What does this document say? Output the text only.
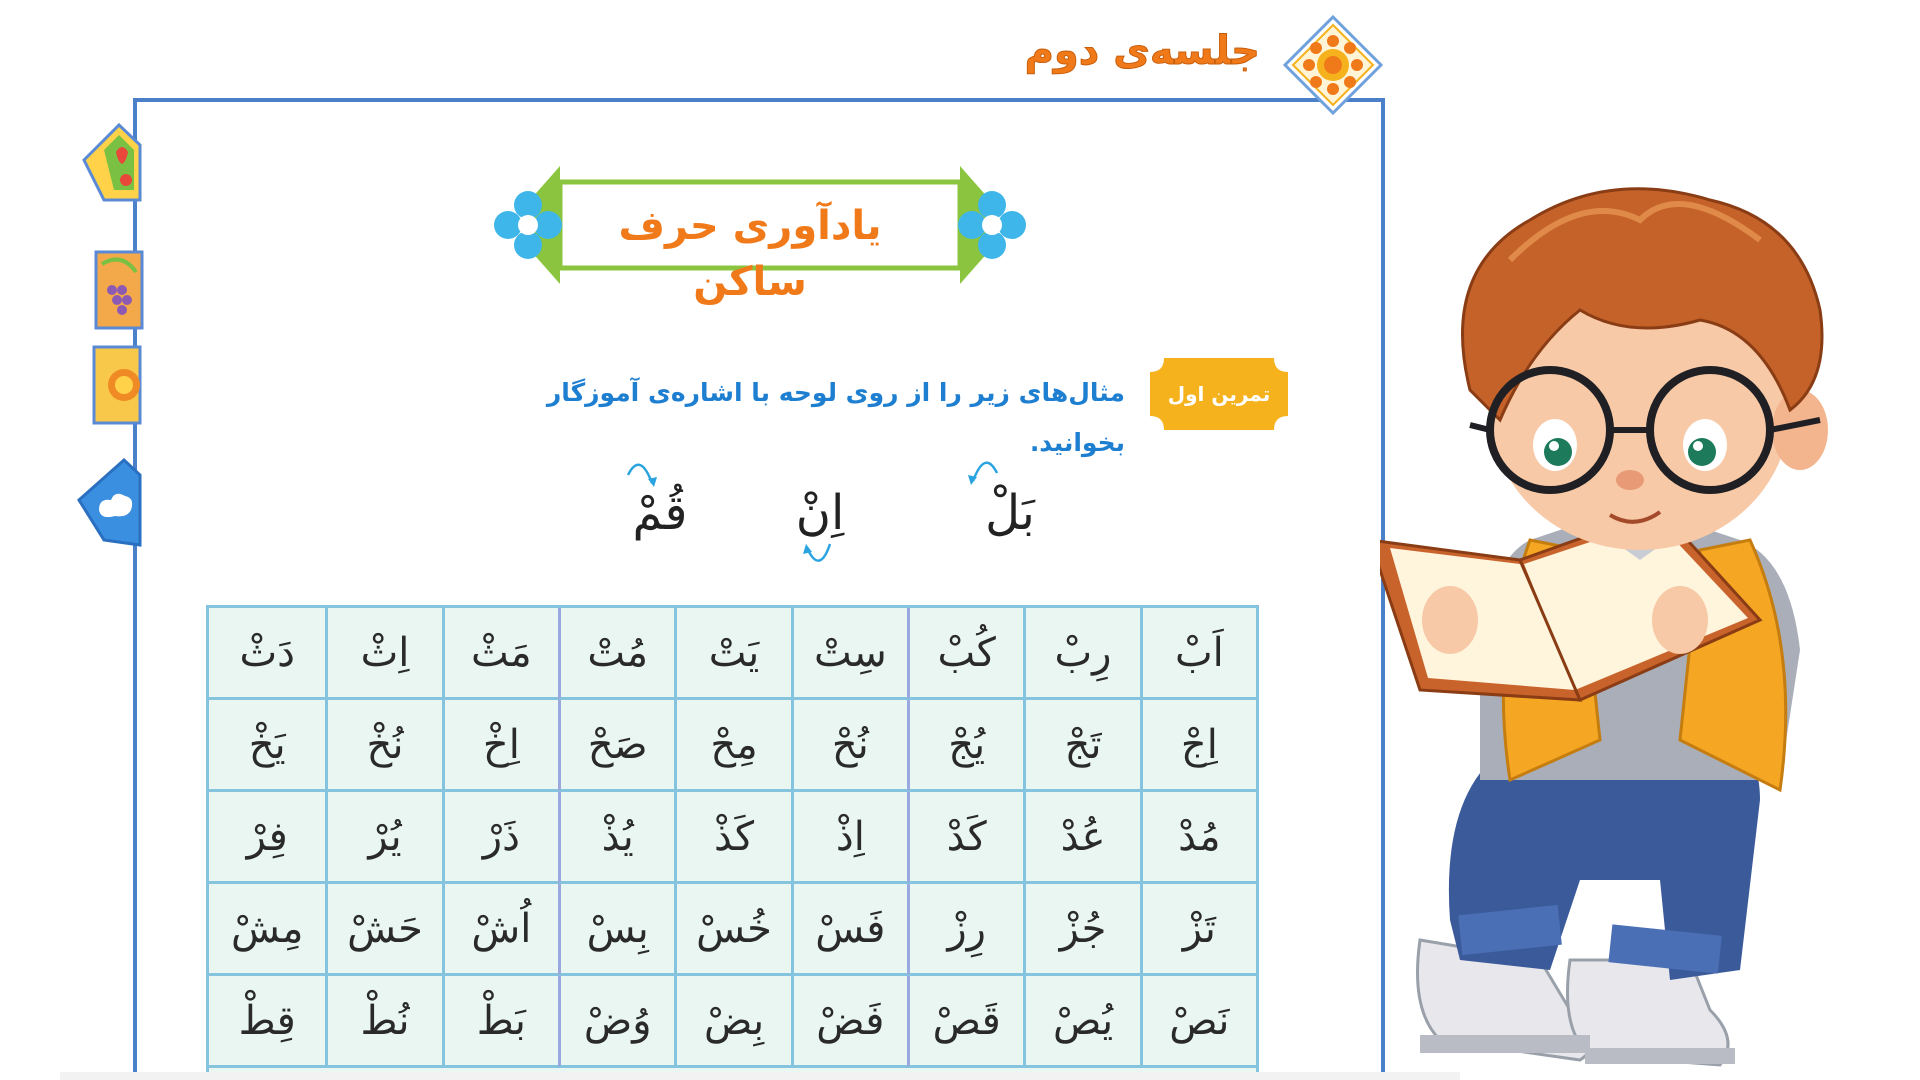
جلسه‌ی دوم
یادآوری حرف ساکن
تمرین اول
مثال‌های زیر را از روی لوحه با اشاره‌ی آموزگار بخوانید.
بَلْ
اِنْ
قُمْ
اَبْ
رِبْ
کُبْ
سِتْ
یَتْ
مُتْ
مَثْ
اِثْ
دَثْ
اِجْ
تَجْ
یُجْ
نُحْ
مِحْ
صَحْ
اِخْ
نُخْ
یَخْ
مُدْ
عُدْ
کَدْ
اِذْ
کَذْ
یُذْ
ذَرْ
یُرْ
فِرْ
تَزْ
جُزْ
رِزْ
فَسْ
خُسْ
بِسْ
اُشْ
حَشْ
مِشْ
نَصْ
یُصْ
قَصْ
فَضْ
بِضْ
وُضْ
بَطْ
نُطْ
قِطْ
